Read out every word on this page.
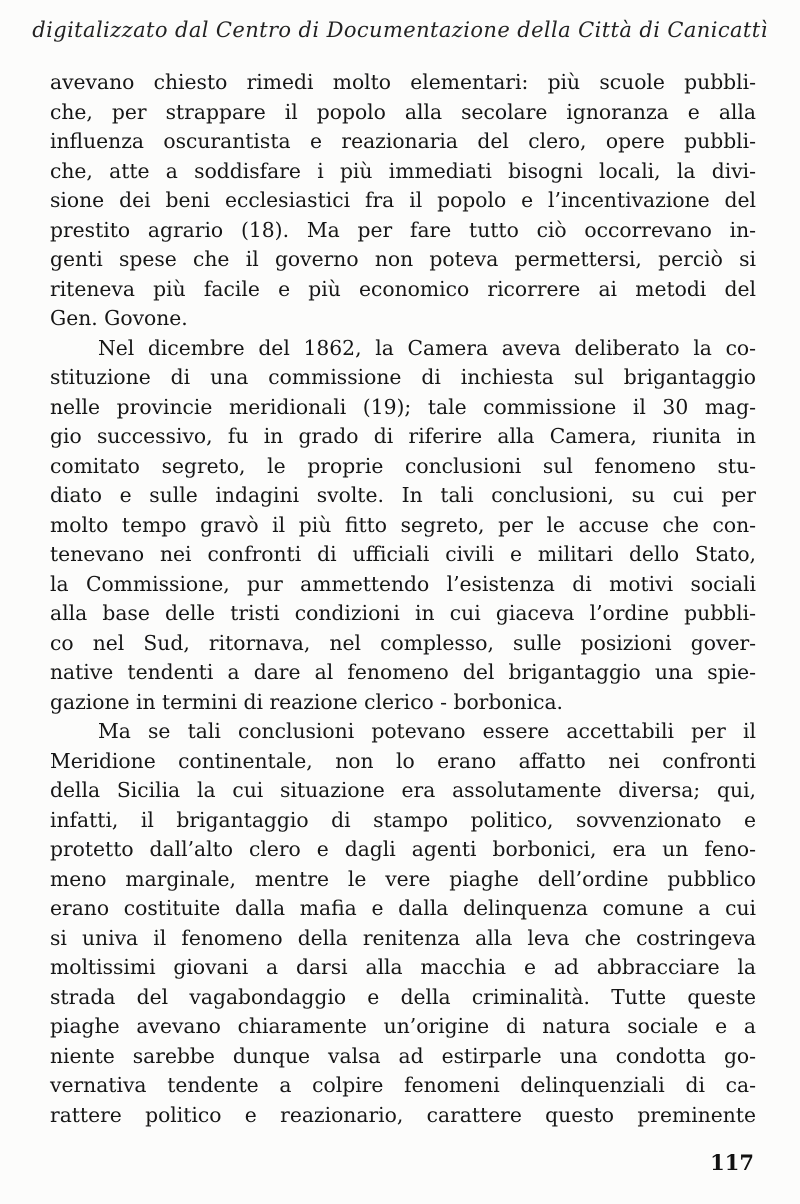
digitalizzato dal Centro di Documentazione della Città di Canicattì
avevano chiesto rimedi molto elementari: più scuole pubbli-
che, per strappare il popolo alla secolare ignoranza e alla
influenza oscurantista e reazionaria del clero, opere pubbli-
che, atte a soddisfare i più immediati bisogni locali, la divi-
sione dei beni ecclesiastici fra il popolo e l’incentivazione del
prestito agrario (18). Ma per fare tutto ciò occorrevano in-
genti spese che il governo non poteva permettersi, perciò si
riteneva più facile e più economico ricorrere ai metodi del
Gen. Govone.
Nel dicembre del 1862, la Camera aveva deliberato la co-
stituzione di una commissione di inchiesta sul brigantaggio
nelle provincie meridionali (19); tale commissione il 30 mag-
gio successivo, fu in grado di riferire alla Camera, riunita in
comitato segreto, le proprie conclusioni sul fenomeno stu-
diato e sulle indagini svolte. In tali conclusioni, su cui per
molto tempo gravò il più fitto segreto, per le accuse che con-
tenevano nei confronti di ufficiali civili e militari dello Stato,
la Commissione, pur ammettendo l’esistenza di motivi sociali
alla base delle tristi condizioni in cui giaceva l’ordine pubbli-
co nel Sud, ritornava, nel complesso, sulle posizioni gover-
native tendenti a dare al fenomeno del brigantaggio una spie-
gazione in termini di reazione clerico - borbonica.
Ma se tali conclusioni potevano essere accettabili per il
Meridione continentale, non lo erano affatto nei confronti
della Sicilia la cui situazione era assolutamente diversa; qui,
infatti, il brigantaggio di stampo politico, sovvenzionato e
protetto dall’alto clero e dagli agenti borbonici, era un feno-
meno marginale, mentre le vere piaghe dell’ordine pubblico
erano costituite dalla mafia e dalla delinquenza comune a cui
si univa il fenomeno della renitenza alla leva che costringeva
moltissimi giovani a darsi alla macchia e ad abbracciare la
strada del vagabondaggio e della criminalità. Tutte queste
piaghe avevano chiaramente un’origine di natura sociale e a
niente sarebbe dunque valsa ad estirparle una condotta go-
vernativa tendente a colpire fenomeni delinquenziali di ca-
rattere politico e reazionario, carattere questo preminente
117
